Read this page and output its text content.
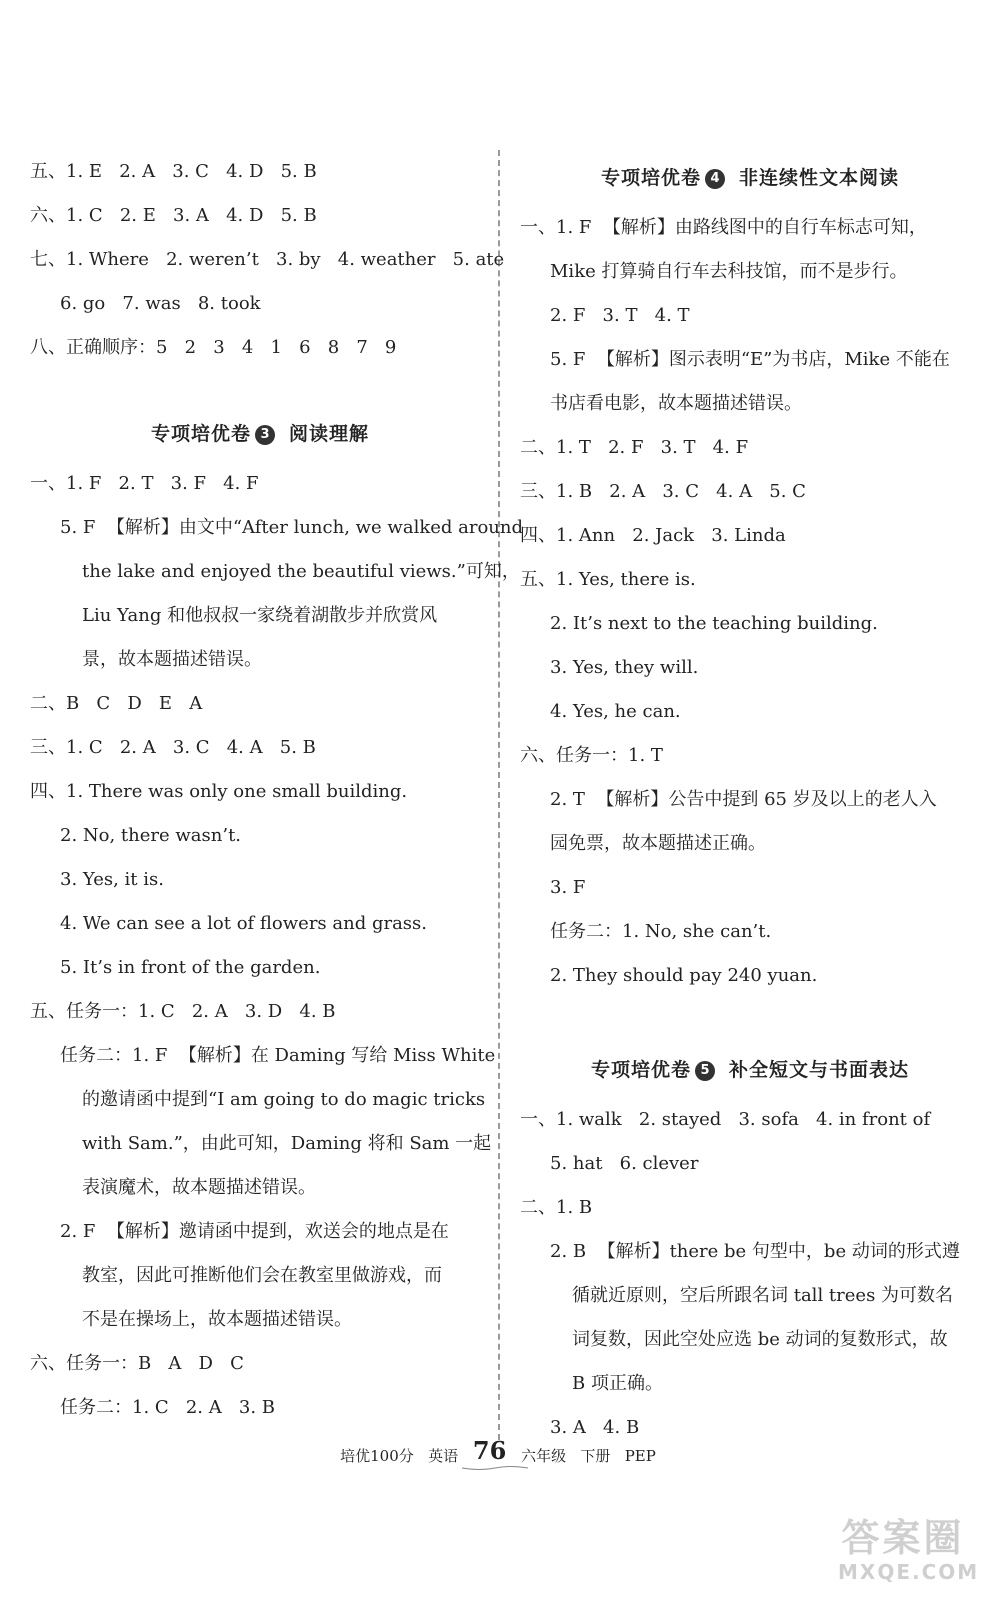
五、1. E   2. A   3. C   4. D   5. B
六、1. C   2. E   3. A   4. D   5. B
七、1. Where   2. weren’t   3. by   4. weather   5. ate
6. go   7. was   8. took
八、正确顺序：5   2   3   4   1   6   8   7   9
专项培优卷 3 阅读理解
一、1. F   2. T   3. F   4. F
5. F  【解析】由文中“After lunch, we walked around
the lake and enjoyed the beautiful views.”可知，
Liu Yang 和他叔叔一家绕着湖散步并欣赏风
景，故本题描述错误。
二、B   C   D   E   A
三、1. C   2. A   3. C   4. A   5. B
四、1. There was only one small building.
2. No, there wasn’t.
3. Yes, it is.
4. We can see a lot of flowers and grass.
5. It’s in front of the garden.
五、任务一：1. C   2. A   3. D   4. B
任务二：1. F  【解析】在 Daming 写给 Miss White
的邀请函中提到“I am going to do magic tricks
with Sam.”，由此可知，Daming 将和 Sam 一起
表演魔术，故本题描述错误。
2. F  【解析】邀请函中提到，欢送会的地点是在
教室，因此可推断他们会在教室里做游戏，而
不是在操场上，故本题描述错误。
六、任务一：B   A   D   C
任务二：1. C   2. A   3. B
专项培优卷 4 非连续性文本阅读
一、1. F  【解析】由路线图中的自行车标志可知，
Mike 打算骑自行车去科技馆，而不是步行。
2. F   3. T   4. T
5. F  【解析】图示表明“E”为书店，Mike 不能在
书店看电影，故本题描述错误。
二、1. T   2. F   3. T   4. F
三、1. B   2. A   3. C   4. A   5. C
四、1. Ann   2. Jack   3. Linda
五、1. Yes, there is.
2. It’s next to the teaching building.
3. Yes, they will.
4. Yes, he can.
六、任务一：1. T
2. T  【解析】公告中提到 65 岁及以上的老人入
园免票，故本题描述正确。
3. F
任务二：1. No, she can’t.
2. They should pay 240 yuan.
专项培优卷 5 补全短文与书面表达
一、1. walk   2. stayed   3. sofa   4. in front of
5. hat   6. clever
二、1. B
2. B  【解析】there be 句型中，be 动词的形式遵
循就近原则，空后所跟名词 tall trees 为可数名
词复数，因此空处应选 be 动词的复数形式，故
B 项正确。
3. A   4. B
培优100分 英语 76 六年级 下册 PEP
答案圈
MXQE.COM
